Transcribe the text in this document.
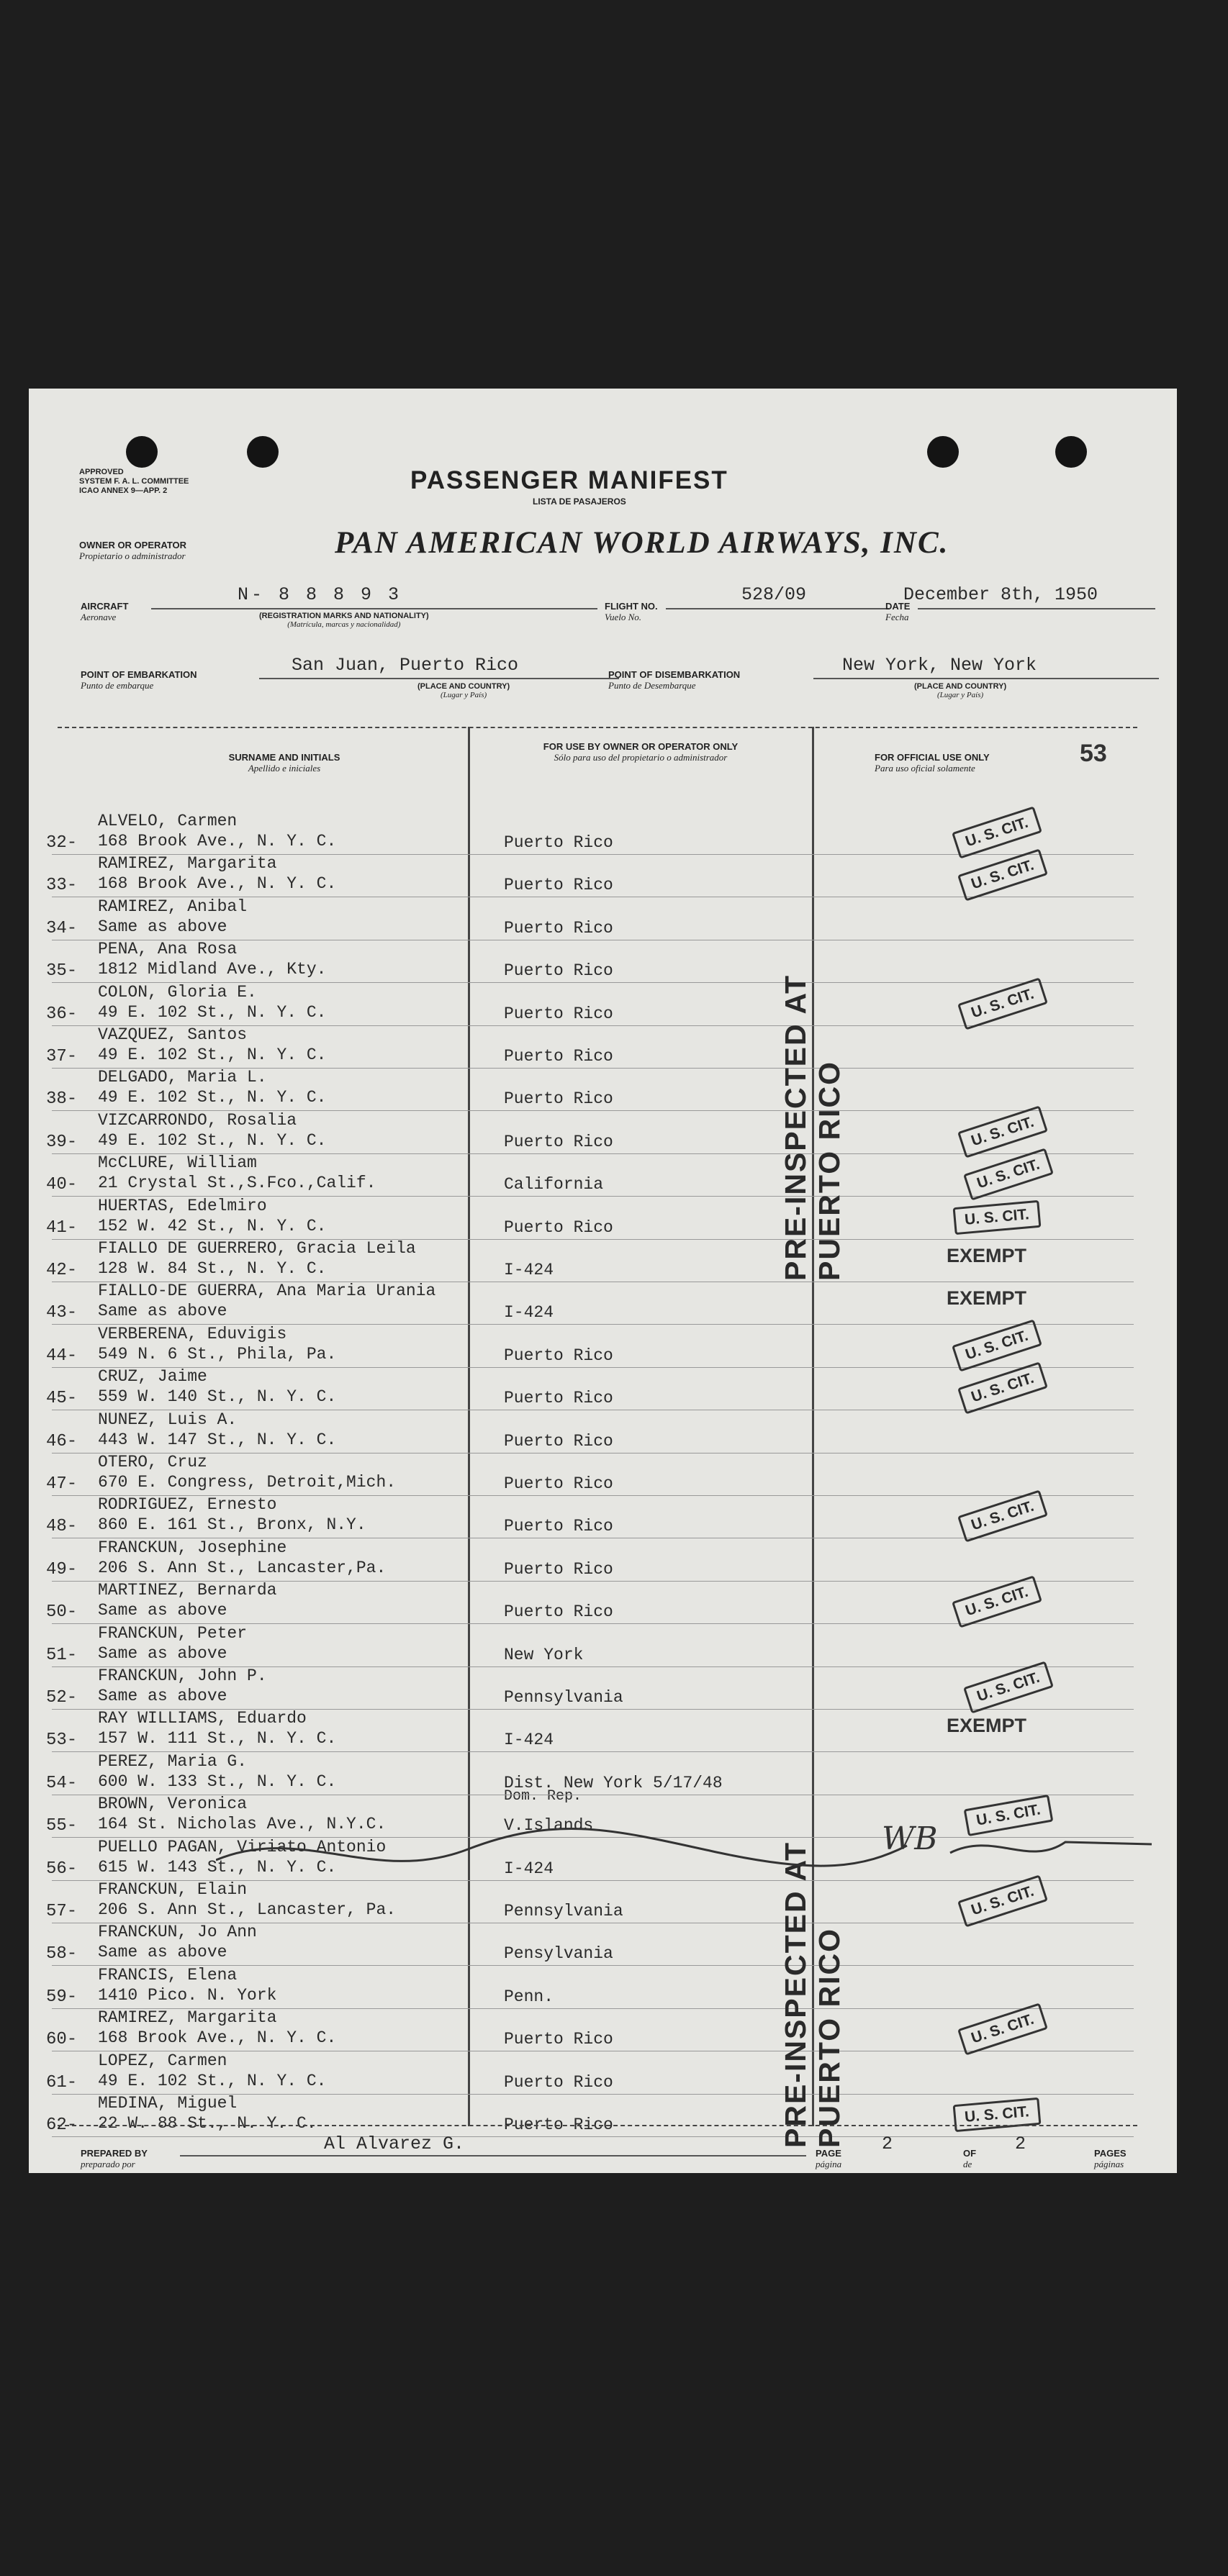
APPROVED
SYSTEM F. A. L. COMMITTEE
ICAO ANNEX 9—APP. 2	PASSENGER MANIFEST
LISTA DE PASAJEROS
OWNER OR OPERATOR
Propietario o administrador	PAN AMERICAN WORLD AIRWAYS, INC.
AIRCRAFT
Aeronave
N- 8 8 8 9 3
(REGISTRATION MARKS AND NATIONALITY)
(Matrícula, marcas y nacionalidad)
FLIGHT NO.
Vuelo No.
528/09
DATE
Fecha
December 8th, 1950
POINT OF EMBARKATION
Punto de embarque
San Juan, Puerto Rico
(PLACE AND COUNTRY)
(Lugar y País)
POINT OF DISEMBARKATION
Punto de Desembarque
New York, New York
(PLACE AND COUNTRY)
(Lugar y País)
SURNAME AND INITIALS
Apellido e iniciales
FOR USE BY OWNER OR OPERATOR ONLY
Sólo para uso del propietario o administrador	FOR OFFICIAL USE ONLY
Para uso oficial solamente
53
32-
ALVELO, Carmen
168 Brook Ave., N. Y. C.	Puerto Rico	U. S. CIT.
33-
RAMIREZ, Margarita
168 Brook Ave., N. Y. C.	Puerto Rico	U. S. CIT.
34-
RAMIREZ, Anibal
Same as above	Puerto Rico
35-
PENA, Ana Rosa
1812 Midland Ave., Kty.	Puerto Rico
36-
COLON, Gloria E.
49 E. 102 St., N. Y. C.	Puerto Rico	U. S. CIT.
37-
VAZQUEZ, Santos
49 E. 102 St., N. Y. C.	Puerto Rico
38-
DELGADO, Maria L.
49 E. 102 St., N. Y. C.	Puerto Rico
39-
VIZCARRONDO, Rosalia
49 E. 102 St., N. Y. C.	Puerto Rico	U. S. CIT.
40-
McCLURE, William
21 Crystal St.,S.Fco.,Calif.	California	U. S. CIT.
41-
HUERTAS, Edelmiro
152 W. 42 St., N. Y. C.	Puerto Rico	U. S. CIT.
42-
FIALLO DE GUERRERO, Gracia Leila
128 W. 84 St., N. Y. C.	I-424
EXEMPT
43-
FIALLO-DE GUERRA, Ana Maria Urania
Same as above	I-424
EXEMPT
44-
VERBERENA, Eduvigis
549 N. 6 St., Phila, Pa.	Puerto Rico	U. S. CIT.
45-
CRUZ, Jaime
559 W. 140 St., N. Y. C.	Puerto Rico	U. S. CIT.
46-
NUNEZ, Luis A.
443 W. 147 St., N. Y. C.	Puerto Rico
47-
OTERO, Cruz
670 E. Congress, Detroit,Mich.	Puerto Rico
48-
RODRIGUEZ, Ernesto
860 E. 161 St., Bronx, N.Y.	Puerto Rico	U. S. CIT.
49-
FRANCKUN, Josephine
206 S. Ann St., Lancaster,Pa.	Puerto Rico
50-
MARTINEZ, Bernarda
Same as above	Puerto Rico	U. S. CIT.
51-
FRANCKUN, Peter
Same as above	New York
52-
FRANCKUN, John P.
Same as above	Pennsylvania	U. S. CIT.
53-
RAY WILLIAMS, Eduardo
157 W. 111 St., N. Y. C.	I-424
EXEMPT
54-
PEREZ, Maria G.
600 W. 133 St., N. Y. C.	Dist. New York 5/17/48
Dom. Rep.
55-
BROWN, Veronica
164 St. Nicholas Ave., N.Y.C.	V.Islands	U. S. CIT.
56-
PUELLO PAGAN, Viriato Antonio
615 W. 143 St., N. Y. C.	I-424
57-
FRANCKUN, Elain
206 S. Ann St., Lancaster, Pa.	Pennsylvania	U. S. CIT.
58-
FRANCKUN, Jo Ann
Same as above	Pensylvania
59-
FRANCIS, Elena
1410 Pico. N. York	Penn.
60-
RAMIREZ, Margarita
168 Brook Ave., N. Y. C.	Puerto Rico	U. S. CIT.
61-
LOPEZ, Carmen
49 E. 102 St., N. Y. C.	Puerto Rico
62-
MEDINA, Miguel
22 W. 88 St., N. Y. C.	Puerto Rico	U. S. CIT.
PRE-INSPECTED AT PUERTO RICO
PRE-INSPECTED AT PUERTO RICO
WB
PREPARED BY
preparado por
Al Alvarez G.	PAGE
página
2	OF
de
2	PAGES
páginas
